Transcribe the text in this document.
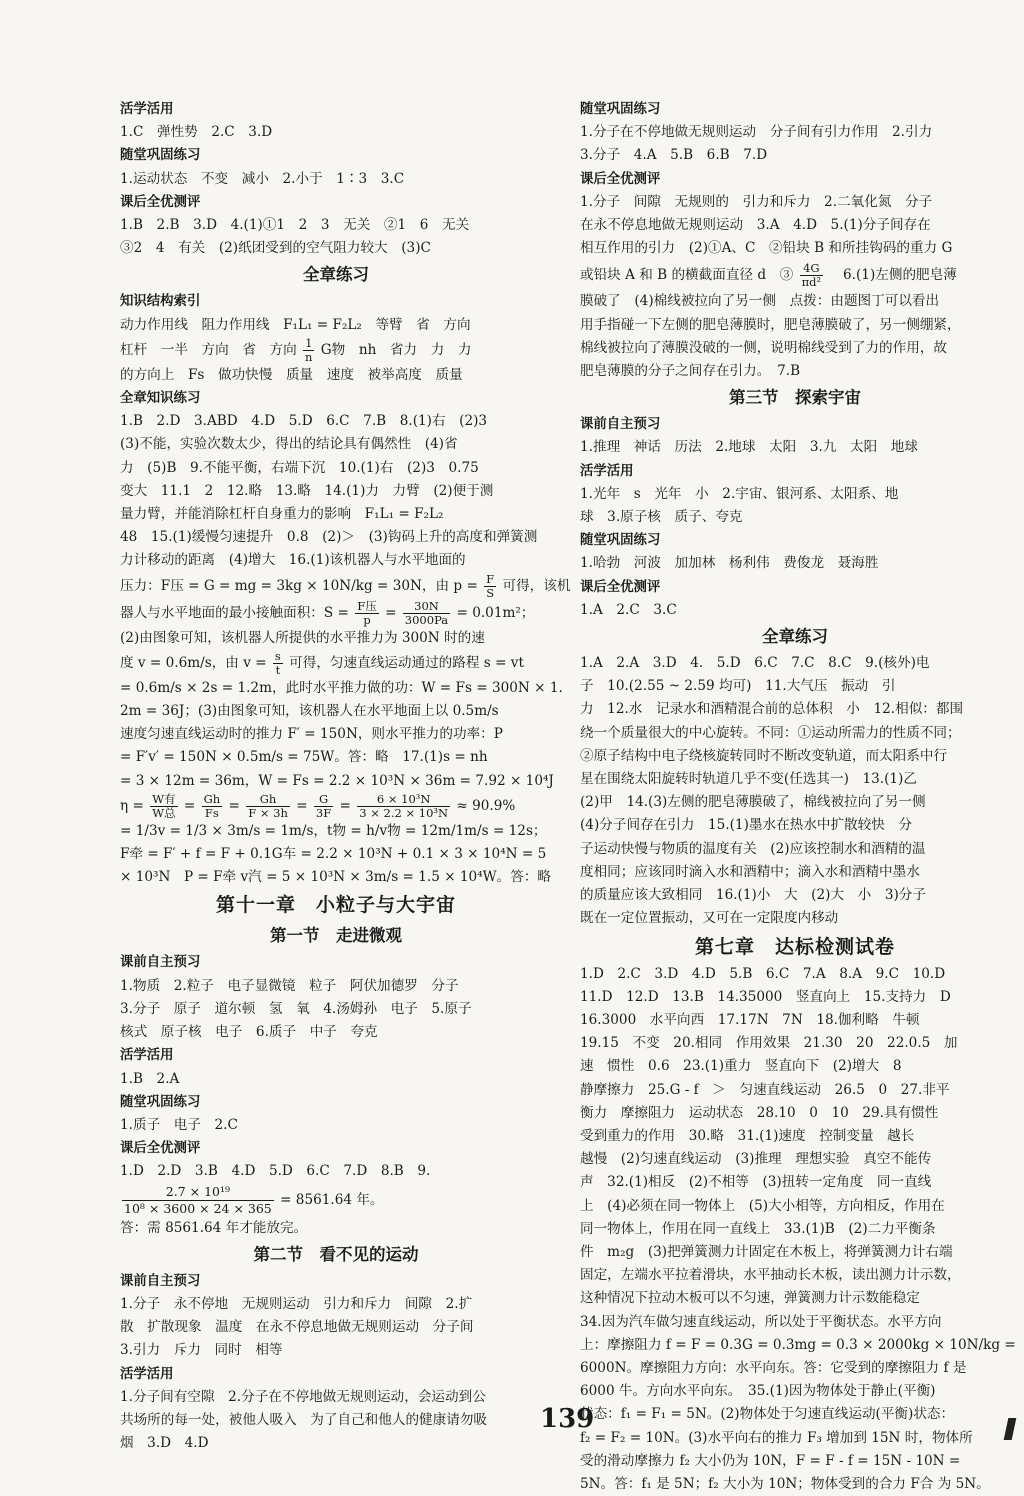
活学活用
1.C　弹性势　2.C　3.D
随堂巩固练习
1.运动状态　不变　减小　2.小于　1∶3　3.C
课后全优测评
1.B　2.B　3.D　4.(1)①1　2　3　无关　②1　6　无关
③2　4　有关　(2)纸团受到的空气阻力较大　(3)C
全章练习
知识结构索引
动力作用线　阻力作用线　F₁L₁ = F₂L₂　等臂　省　方向
杠杆　一半　方向　省　方向 $\frac{1}{n}$ G物　nh　省力　力　力
的方向上　Fs　做功快慢　质量　速度　被举高度　质量
全章知识练习
1.B　2.D　3.ABD　4.D　5.D　6.C　7.B　8.(1)右　(2)3
(3)不能，实验次数太少，得出的结论具有偶然性　(4)省
力　(5)B　9.不能平衡，右端下沉　10.(1)右　(2)3　0.75
变大　11.1　2　12.略　13.略　14.(1)力　力臂　(2)便于测
量力臂，并能消除杠杆自身重力的影响　F₁L₁ = F₂L₂
48　15.(1)缓慢匀速提升　0.8　(2)＞　(3)钩码上升的高度和弹簧测
力计移动的距离　(4)增大　16.(1)该机器人与水平地面的
压力：F压 = G = mg = 3kg × 10N/kg = 30N，由 $p = \frac{F}{S}$ 可得，该机
器人与水平地面的最小接触面积：$S = \frac{\text{F压}}{p} = \frac{30N}{3000Pa} = 0.01m^2$；
(2)由图象可知，该机器人所提供的水平推力为 300N 时的速
度 v = 0.6m/s，由 $v = \frac{s}{t}$ 可得，匀速直线运动通过的路程 s = vt
= 0.6m/s × 2s = 1.2m，此时水平推力做的功：W = Fs = 300N × 1.
2m = 36J；(3)由图象可知，该机器人在水平地面上以 0.5m/s
速度匀速直线运动时的推力 F′ = 150N，则水平推力的功率：P
= F′v′ = 150N × 0.5m/s = 75W。答：略　17.(1)s = nh
= 3 × 12m = 36m，W = Fs = 2.2 × 10³N × 36m = 7.92 × 10⁴J
$\eta = \frac{\text{W有}}{\text{W总}} = \frac{Gh}{Fs} = \frac{Gh}{F \times 3h} = \frac{G}{3F} = \frac{\text{6 × 10³N}}{\text{3 × 2.2 × 10³N}} \approx 90.9\%$
= 1/3v = 1/3 × 3m/s = 1m/s，t物 = h/v物 = 12m/1m/s = 12s；
F牵 = F′ + f = F + 0.1G车 = 2.2 × 10³N + 0.1 × 3 × 10⁴N = 5
× 10³N　P = F牵 v汽 = 5 × 10³N × 3m/s = 1.5 × 10⁴W。答：略
第十一章　小粒子与大宇宙
第一节　走进微观
课前自主预习
1.物质　2.粒子　电子显微镜　粒子　阿伏加德罗　分子
3.分子　原子　道尔顿　氢　氧　4.汤姆孙　电子　5.原子
核式　原子核　电子　6.质子　中子　夸克
活学活用
1.B　2.A
随堂巩固练习
1.质子　电子　2.C
课后全优测评
1.D　2.D　3.B　4.D　5.D　6.C　7.D　8.B　9.
$\frac{\text{2.7 × 10¹⁹}}{\text{10⁸ × 3600 × 24 × 365}} = 8561.64$ 年。
答：需 8561.64 年才能放完。
第二节　看不见的运动
课前自主预习
1.分子　永不停地　无规则运动　引力和斥力　间隙　2.扩
散　扩散现象　温度　在永不停息地做无规则运动　分子间
3.引力　斥力　同时　相等
活学活用
1.分子间有空隙　2.分子在不停地做无规则运动，会运动到公
共场所的每一处，被他人吸入　为了自己和他人的健康请勿吸
烟　3.D　4.D
随堂巩固练习
1.分子在不停地做无规则运动　分子间有引力作用　2.引力
3.分子　4.A　5.B　6.B　7.D
课后全优测评
1.分子　间隙　无规则的　引力和斥力　2.二氧化氮　分子
在永不停息地做无规则运动　3.A　4.D　5.(1)分子间存在
相互作用的引力　(2)①A、C　②铅块 B 和所挂钩码的重力 G
或铅块 A 和 B 的横截面直径 d　③ $\frac{4G}{\text{πd²}}$ 　6.(1)左侧的肥皂薄
膜破了　(4)棉线被拉向了另一侧　点拨：由题图丁可以看出
用手指碰一下左侧的肥皂薄膜时，肥皂薄膜破了，另一侧绷紧，
棉线被拉向了薄膜没破的一侧，说明棉线受到了力的作用，故
肥皂薄膜的分子之间存在引力。　7.B
第三节　探索宇宙
课前自主预习
1.推理　神话　历法　2.地球　太阳　3.九　太阳　地球
活学活用
1.光年　s　光年　小　2.宇宙、银河系、太阳系、地
球　3.原子核　质子、夸克
随堂巩固练习
1.哈勃　河波　加加林　杨利伟　费俊龙　聂海胜
课后全优测评
1.A　2.C　3.C
全章练习
1.A　2.A　3.D　4.　5.D　6.C　7.C　8.C　9.(核外)电
子　10.(2.55 ~ 2.59 均可)　11.大气压　振动　引
力　12.水　记录水和酒精混合前的总体积　小　12.相似：都围
绕一个质量很大的中心旋转。不同：①运动所需力的性质不同；
②原子结构中电子绕核旋转同时不断改变轨道，而太阳系中行
星在围绕太阳旋转时轨道几乎不变(任选其一)　13.(1)乙
(2)甲　14.(3)左侧的肥皂薄膜破了，棉线被拉向了另一侧
(4)分子间存在引力　15.(1)墨水在热水中扩散较快　分
子运动快慢与物质的温度有关　(2)应该控制水和酒精的温
度相同；应该同时滴入水和酒精中；滴入水和酒精中墨水
的质量应该大致相同　16.(1)小　大　(2)大　小　3)分子
既在一定位置振动，又可在一定限度内移动
第七章　达标检测试卷
1.D　2.C　3.D　4.D　5.B　6.C　7.A　8.A　9.C　10.D
11.D　12.D　13.B　14.35000　竖直向上　15.支持力　D
16.3000　水平向西　17.17N　7N　18.伽利略　牛顿
19.15　不变　20.相同　作用效果　21.30　20　22.0.5　加
速　惯性　0.6　23.(1)重力　竖直向下　(2)增大　8
静摩擦力　25.G - f　＞　匀速直线运动　26.5　0　27.非平
衡力　摩擦阻力　运动状态　28.10　0　10　29.具有惯性
受到重力的作用　30.略　31.(1)速度　控制变量　越长
越慢　(2)匀速直线运动　(3)推理　理想实验　真空不能传
声　32.(1)相反　(2)不相等　(3)扭转一定角度　同一直线
上　(4)必须在同一物体上　(5)大小相等，方向相反，作用在
同一物体上，作用在同一直线上　33.(1)B　(2)二力平衡条
件　m₂g　(3)把弹簧测力计固定在木板上，将弹簧测力计右端
固定，左端水平拉着滑块，水平抽动长木板，读出测力计示数，
这种情况下拉动木板可以不匀速，弹簧测力计示数能稳定
34.因为汽车做匀速直线运动，所以处于平衡状态。水平方向
上：摩擦阻力 f = F = 0.3G = 0.3mg = 0.3 × 2000kg × 10N/kg =
6000N。摩擦阻力方向：水平向东。答：它受到的摩擦阻力 f 是
6000 牛。方向水平向东。　35.(1)因为物体处于静止(平衡)
状态：f₁ = F₁ = 5N。(2)物体处于匀速直线运动(平衡)状态：
f₂ = F₂ = 10N。(3)水平向右的推力 F₃ 增加到 15N 时，物体所
受的滑动摩擦力 f₂ 大小仍为 10N，F = F - f = 15N - 10N =
5N。答：f₁ 是 5N；f₂ 大小为 10N；物体受到的合力 F合 为 5N。
139
